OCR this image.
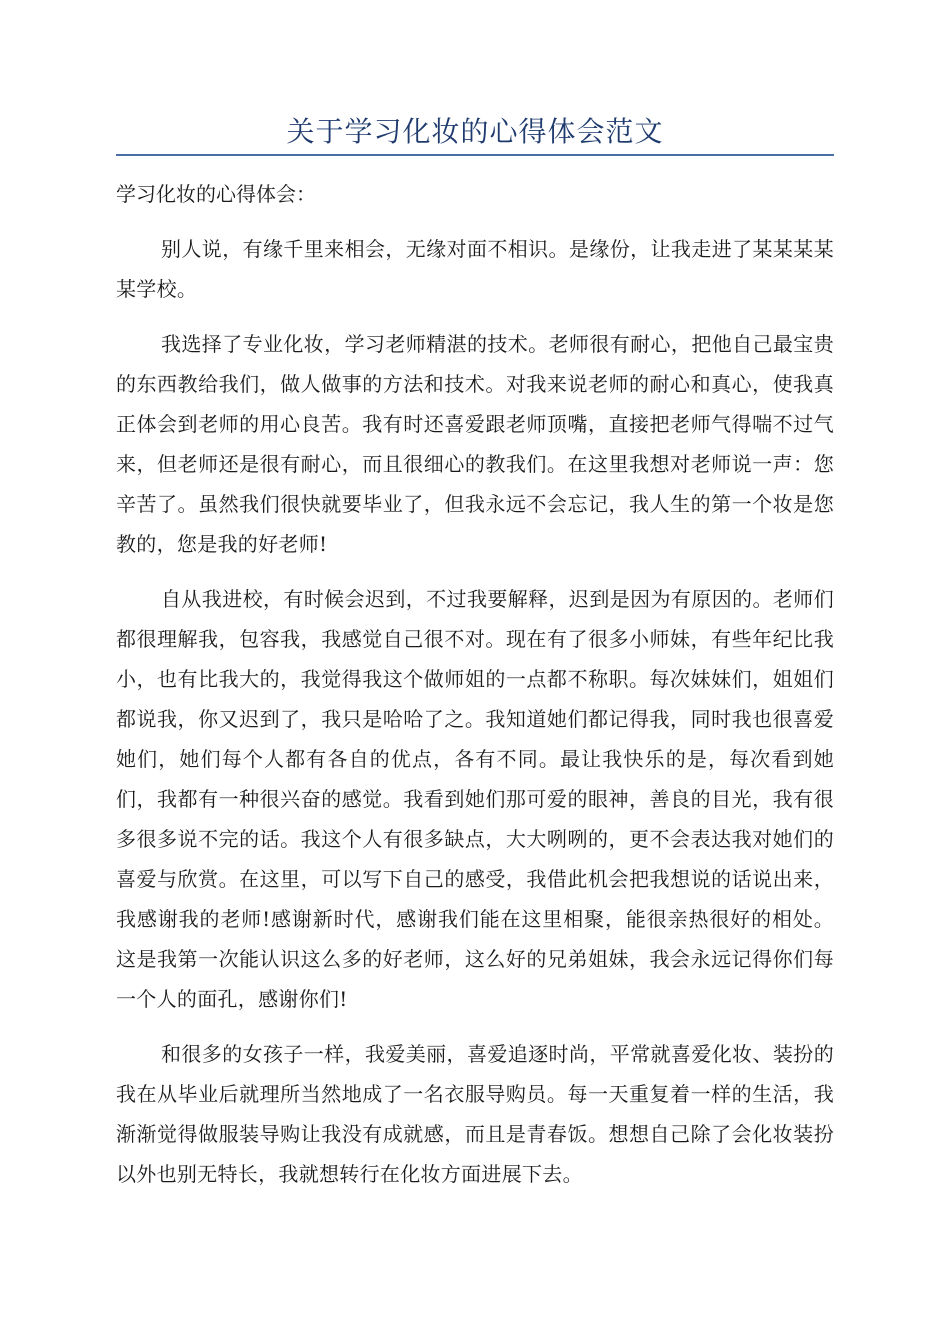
关于学习化妆的心得体会范文

学习化妆的心得体会：

别人说，有缘千里来相会，无缘对面不相识。是缘份，让我走进了某某某某某学校。

我选择了专业化妆，学习老师精湛的技术。老师很有耐心，把他自己最宝贵的东西教给我们，做人做事的方法和技术。对我来说老师的耐心和真心，使我真正体会到老师的用心良苦。我有时还喜爱跟老师顶嘴，直接把老师气得喘不过气来，但老师还是很有耐心，而且很细心的教我们。在这里我想对老师说一声：您辛苦了。虽然我们很快就要毕业了，但我永远不会忘记，我人生的第一个妆是您教的，您是我的好老师!

自从我进校，有时候会迟到，不过我要解释，迟到是因为有原因的。老师们都很理解我，包容我，我感觉自己很不对。现在有了很多小师妹，有些年纪比我小，也有比我大的，我觉得我这个做师姐的一点都不称职。每次妹妹们，姐姐们都说我，你又迟到了，我只是哈哈了之。我知道她们都记得我，同时我也很喜爱她们，她们每个人都有各自的优点，各有不同。最让我快乐的是，每次看到她们，我都有一种很兴奋的感觉。我看到她们那可爱的眼神，善良的目光，我有很多很多说不完的话。我这个人有很多缺点，大大咧咧的，更不会表达我对她们的喜爱与欣赏。在这里，可以写下自己的感受，我借此机会把我想说的话说出来，我感谢我的老师!感谢新时代，感谢我们能在这里相聚，能很亲热很好的相处。这是我第一次能认识这么多的好老师，这么好的兄弟姐妹，我会永远记得你们每一个人的面孔，感谢你们!

和很多的女孩子一样，我爱美丽，喜爱追逐时尚，平常就喜爱化妆、装扮的我在从毕业后就理所当然地成了一名衣服导购员。每一天重复着一样的生活，我渐渐觉得做服装导购让我没有成就感，而且是青春饭。想想自己除了会化妆装扮以外也别无特长，我就想转行在化妆方面进展下去。
